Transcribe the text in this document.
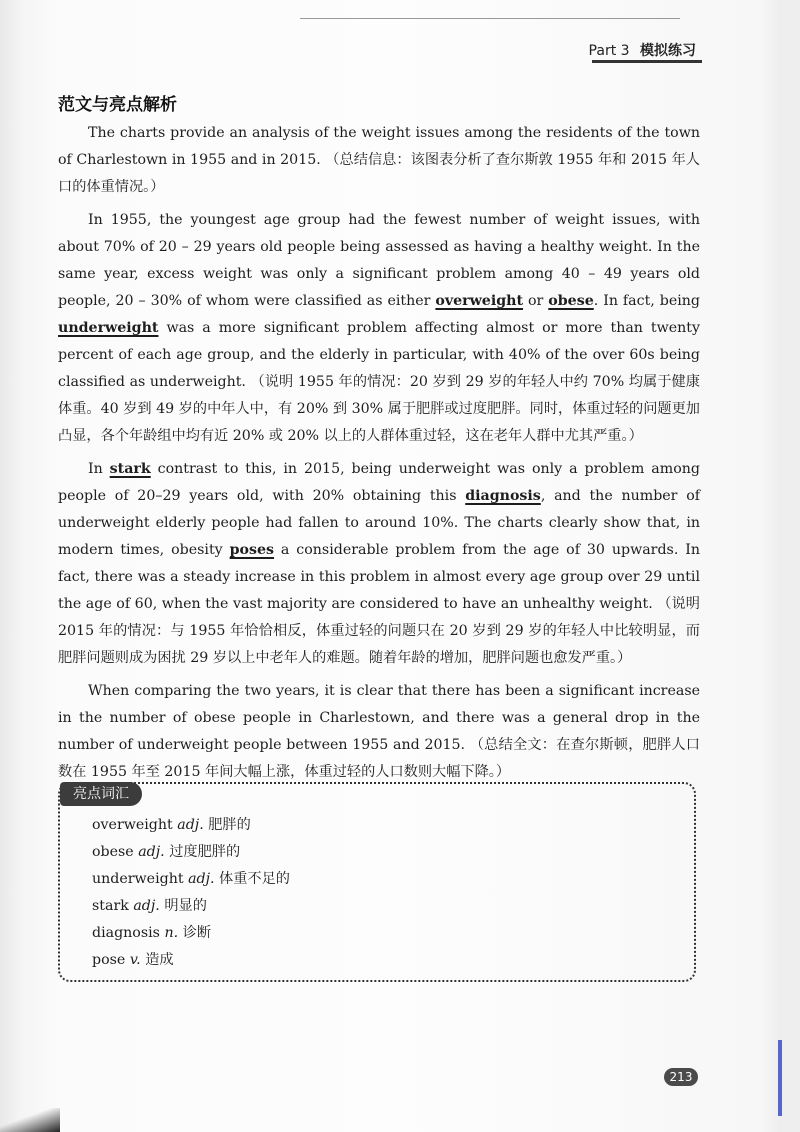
Part 3 模拟练习
范文与亮点解析

The charts provide an analysis of the weight issues among the residents of the town of Charlestown in 1955 and in 2015. （总结信息：该图表分析了查尔斯敦 1955 年和 2015 年人口的体重情况。）

In 1955, the youngest age group had the fewest number of weight issues, with about 70% of 20 – 29 years old people being assessed as having a healthy weight. In the same year, excess weight was only a significant problem among 40 – 49 years old people, 20 – 30% of whom were classified as either overweight or obese. In fact, being underweight was a more significant problem affecting almost or more than twenty percent of each age group, and the elderly in particular, with 40% of the over 60s being classified as underweight. （说明 1955 年的情况：20 岁到 29 岁的年轻人中约 70% 均属于健康体重。40 岁到 49 岁的中年人中，有 20% 到 30% 属于肥胖或过度肥胖。同时，体重过轻的问题更加凸显，各个年龄组中均有近 20% 或 20% 以上的人群体重过轻，这在老年人群中尤其严重。）

In stark contrast to this, in 2015, being underweight was only a problem among people of 20–29 years old, with 20% obtaining this diagnosis, and the number of underweight elderly people had fallen to around 10%. The charts clearly show that, in modern times, obesity poses a considerable problem from the age of 30 upwards. In fact, there was a steady increase in this problem in almost every age group over 29 until the age of 60, when the vast majority are considered to have an unhealthy weight. （说明 2015 年的情况：与 1955 年恰恰相反，体重过轻的问题只在 20 岁到 29 岁的年轻人中比较明显，而肥胖问题则成为困扰 29 岁以上中老年人的难题。随着年龄的增加，肥胖问题也愈发严重。）

When comparing the two years, it is clear that there has been a significant increase in the number of obese people in Charlestown, and there was a general drop in the number of underweight people between 1955 and 2015. （总结全文：在查尔斯顿，肥胖人口数在 1955 年至 2015 年间大幅上涨，体重过轻的人口数则大幅下降。）

亮点词汇
overweight adj. 肥胖的
obese adj. 过度肥胖的
underweight adj. 体重不足的
stark adj. 明显的
diagnosis n. 诊断
pose v. 造成
213
